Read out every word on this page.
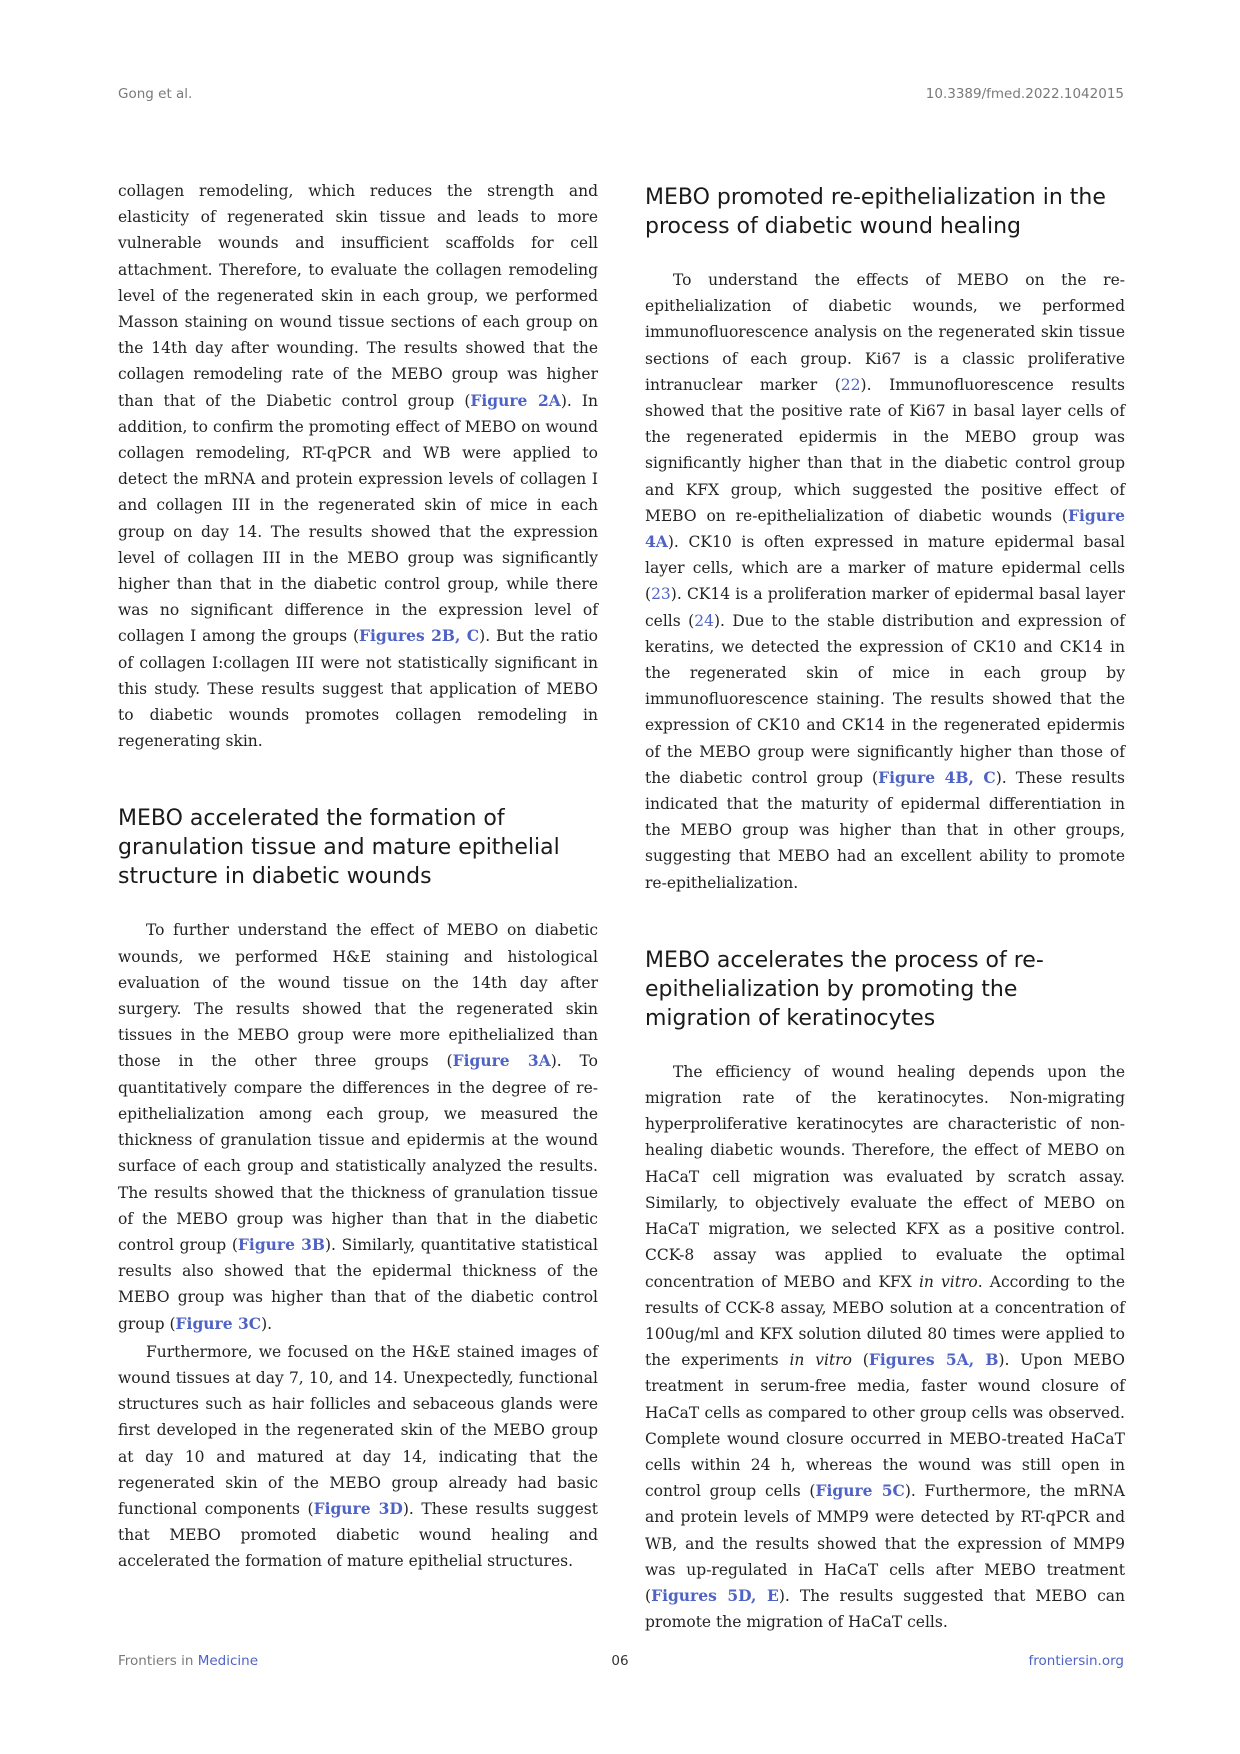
Gong et al.	10.3389/fmed.2022.1042015

collagen remodeling, which reduces the strength and elasticity of regenerated skin tissue and leads to more vulnerable wounds and insufficient scaffolds for cell attachment. Therefore, to evaluate the collagen remodeling level of the regenerated skin in each group, we performed Masson staining on wound tissue sections of each group on the 14th day after wounding. The results showed that the collagen remodeling rate of the MEBO group was higher than that of the Diabetic control group (Figure 2A). In addition, to confirm the promoting effect of MEBO on wound collagen remodeling, RT-qPCR and WB were applied to detect the mRNA and protein expression levels of collagen I and collagen III in the regenerated skin of mice in each group on day 14. The results showed that the expression level of collagen III in the MEBO group was significantly higher than that in the diabetic control group, while there was no significant difference in the expression level of collagen I among the groups (Figures 2B, C). But the ratio of collagen I:collagen III were not statistically significant in this study. These results suggest that application of MEBO to diabetic wounds promotes collagen remodeling in regenerating skin.

MEBO accelerated the formation of granulation tissue and mature epithelial structure in diabetic wounds

To further understand the effect of MEBO on diabetic wounds, we performed H&E staining and histological evaluation of the wound tissue on the 14th day after surgery. The results showed that the regenerated skin tissues in the MEBO group were more epithelialized than those in the other three groups (Figure 3A). To quantitatively compare the differences in the degree of re-epithelialization among each group, we measured the thickness of granulation tissue and epidermis at the wound surface of each group and statistically analyzed the results. The results showed that the thickness of granulation tissue of the MEBO group was higher than that in the diabetic control group (Figure 3B). Similarly, quantitative statistical results also showed that the epidermal thickness of the MEBO group was higher than that of the diabetic control group (Figure 3C).

Furthermore, we focused on the H&E stained images of wound tissues at day 7, 10, and 14. Unexpectedly, functional structures such as hair follicles and sebaceous glands were first developed in the regenerated skin of the MEBO group at day 10 and matured at day 14, indicating that the regenerated skin of the MEBO group already had basic functional components (Figure 3D). These results suggest that MEBO promoted diabetic wound healing and accelerated the formation of mature epithelial structures.

MEBO promoted re-epithelialization in the process of diabetic wound healing

To understand the effects of MEBO on the re-epithelialization of diabetic wounds, we performed immunofluorescence analysis on the regenerated skin tissue sections of each group. Ki67 is a classic proliferative intranuclear marker (22). Immunofluorescence results showed that the positive rate of Ki67 in basal layer cells of the regenerated epidermis in the MEBO group was significantly higher than that in the diabetic control group and KFX group, which suggested the positive effect of MEBO on re-epithelialization of diabetic wounds (Figure 4A). CK10 is often expressed in mature epidermal basal layer cells, which are a marker of mature epidermal cells (23). CK14 is a proliferation marker of epidermal basal layer cells (24). Due to the stable distribution and expression of keratins, we detected the expression of CK10 and CK14 in the regenerated skin of mice in each group by immunofluorescence staining. The results showed that the expression of CK10 and CK14 in the regenerated epidermis of the MEBO group were significantly higher than those of the diabetic control group (Figure 4B, C). These results indicated that the maturity of epidermal differentiation in the MEBO group was higher than that in other groups, suggesting that MEBO had an excellent ability to promote re-epithelialization.

MEBO accelerates the process of re-epithelialization by promoting the migration of keratinocytes

The efficiency of wound healing depends upon the migration rate of the keratinocytes. Non-migrating hyperproliferative keratinocytes are characteristic of non-healing diabetic wounds. Therefore, the effect of MEBO on HaCaT cell migration was evaluated by scratch assay. Similarly, to objectively evaluate the effect of MEBO on HaCaT migration, we selected KFX as a positive control. CCK-8 assay was applied to evaluate the optimal concentration of MEBO and KFX in vitro. According to the results of CCK-8 assay, MEBO solution at a concentration of 100ug/ml and KFX solution diluted 80 times were applied to the experiments in vitro (Figures 5A, B). Upon MEBO treatment in serum-free media, faster wound closure of HaCaT cells as compared to other group cells was observed. Complete wound closure occurred in MEBO-treated HaCaT cells within 24 h, whereas the wound was still open in control group cells (Figure 5C). Furthermore, the mRNA and protein levels of MMP9 were detected by RT-qPCR and WB, and the results showed that the expression of MMP9 was up-regulated in HaCaT cells after MEBO treatment (Figures 5D, E). The results suggested that MEBO can promote the migration of HaCaT cells.

Frontiers in Medicine	06	frontiersin.org
